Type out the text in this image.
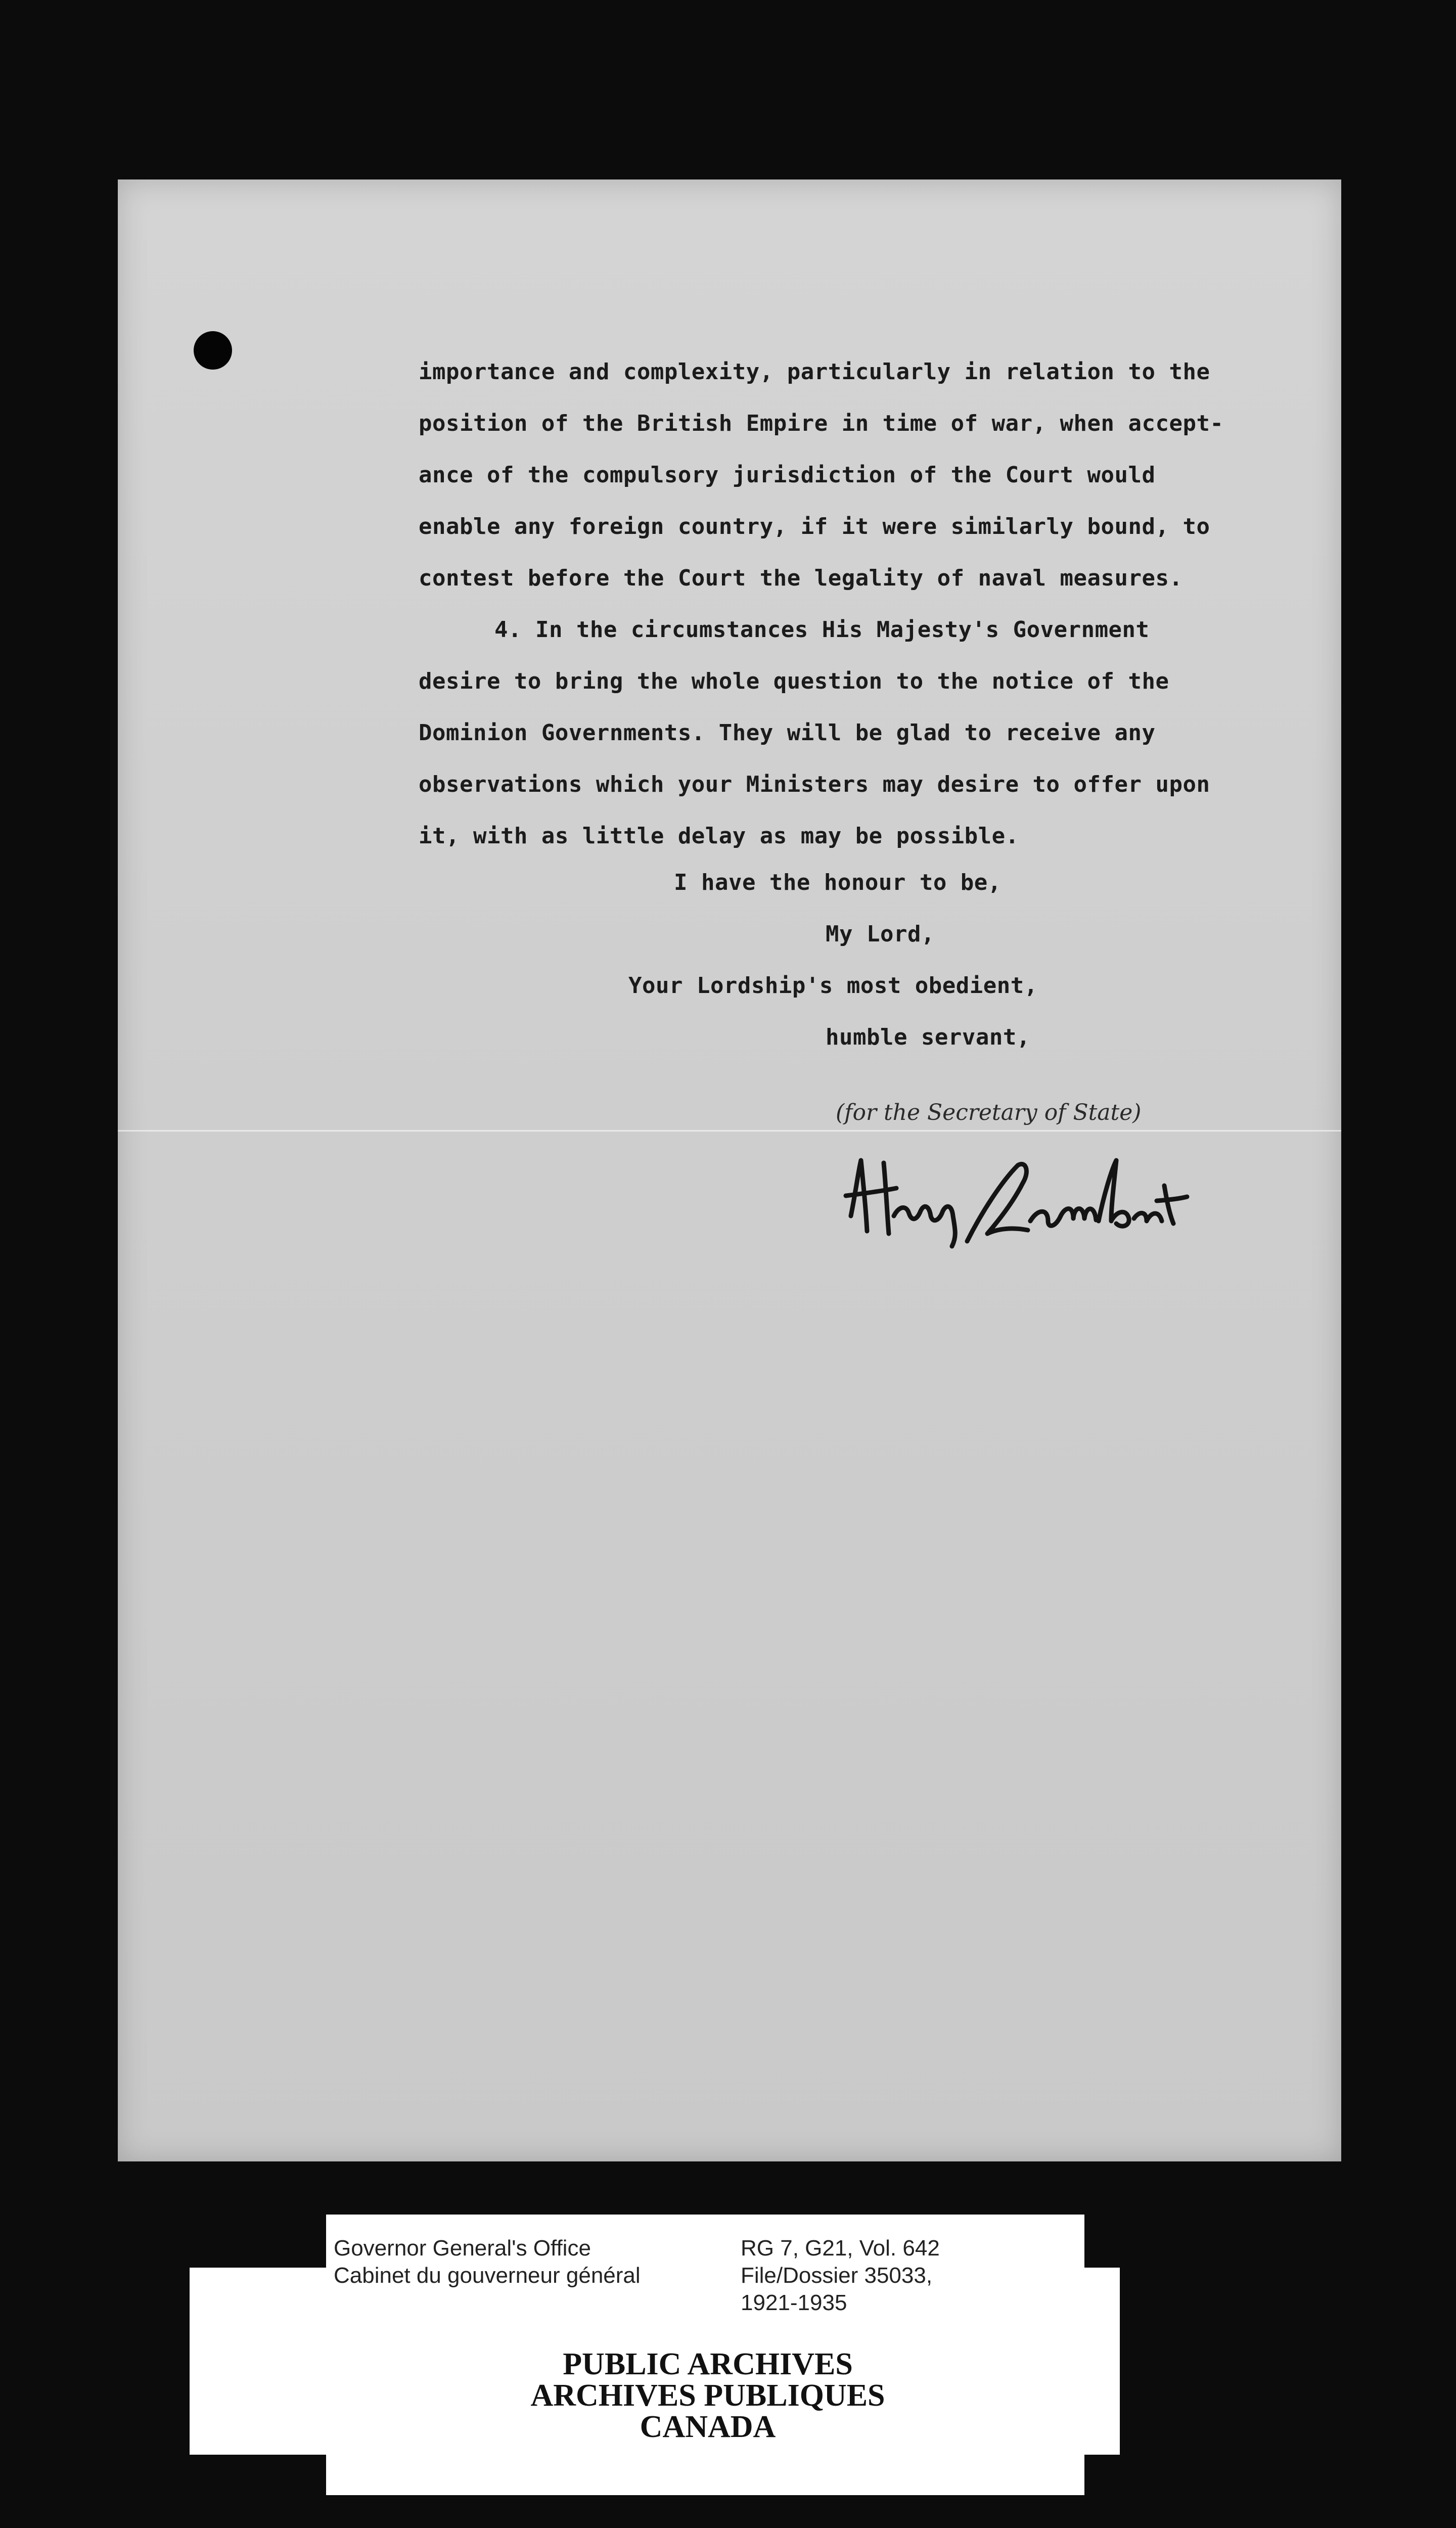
importance and complexity, particularly in relation to the

position of the British Empire in time of war, when accept-

ance of the compulsory jurisdiction of the Court would

enable any foreign country, if it were similarly bound, to

contest before the Court the legality of naval measures.

4. In the circumstances His Majesty's Government

desire to bring the whole question to the notice of the

Dominion Governments. They will be glad to receive any

observations which your Ministers may desire to offer upon

it, with as little delay as may be possible.

I have the honour to be,
My Lord,
Your Lordship's most obedient,
humble servant,
(for the Secretary of State)
Governor General's Office
Cabinet du gouverneur général
RG 7, G21, Vol. 642
File/Dossier 35033,
1921-1935
PUBLIC ARCHIVES
ARCHIVES PUBLIQUES
CANADA
